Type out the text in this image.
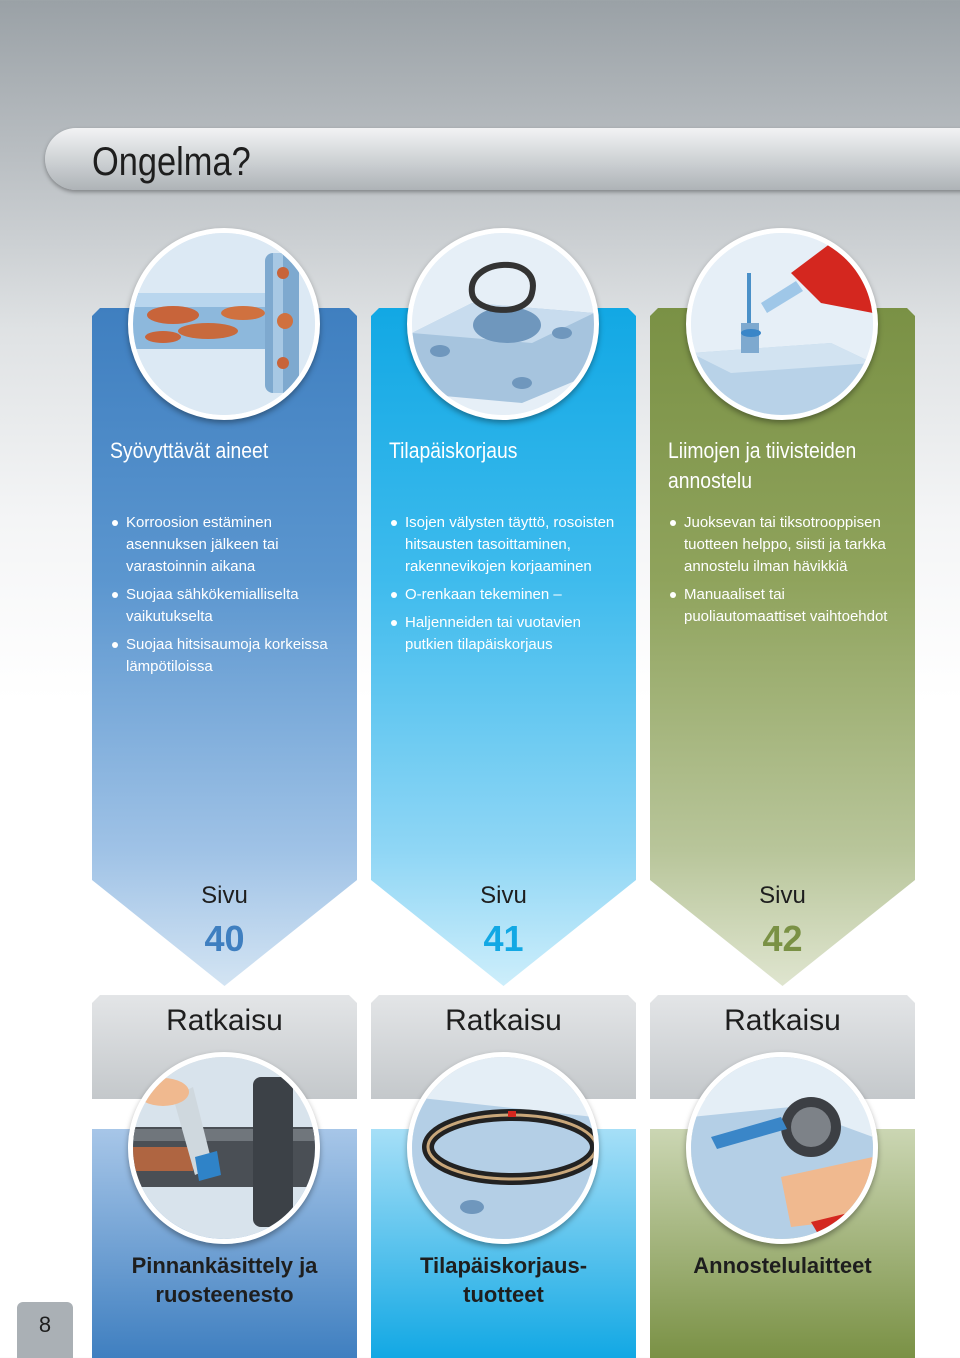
Ongelma?
Syövyttävät aineet
Korroosion estäminen asennuksen jälkeen tai varastoinnin aikana
Suojaa sähkökemialliselta vaikutukselta
Suojaa hitsisaumoja korkeissa lämpötiloissa
Sivu
40
Tilapäiskorjaus
Isojen välysten täyttö, rosoisten hitsausten tasoittaminen, rakennevikojen korjaaminen
O-renkaan tekeminen –
Haljenneiden tai vuotavien putkien tilapäiskorjaus
Sivu
41
Liimojen ja tiivisteiden
annostelu
Juoksevan tai tiksotrooppisen tuotteen helppo, siisti ja tarkka annostelu ilman hävikkiä
Manuaaliset tai puoliautomaattiset vaihtoehdot
Sivu
42
Ratkaisu	Ratkaisu	Ratkaisu
Pinnankäsittely ja
ruosteenesto
Tilapäiskorjaus-
tuotteet
Annostelulaitteet
8
